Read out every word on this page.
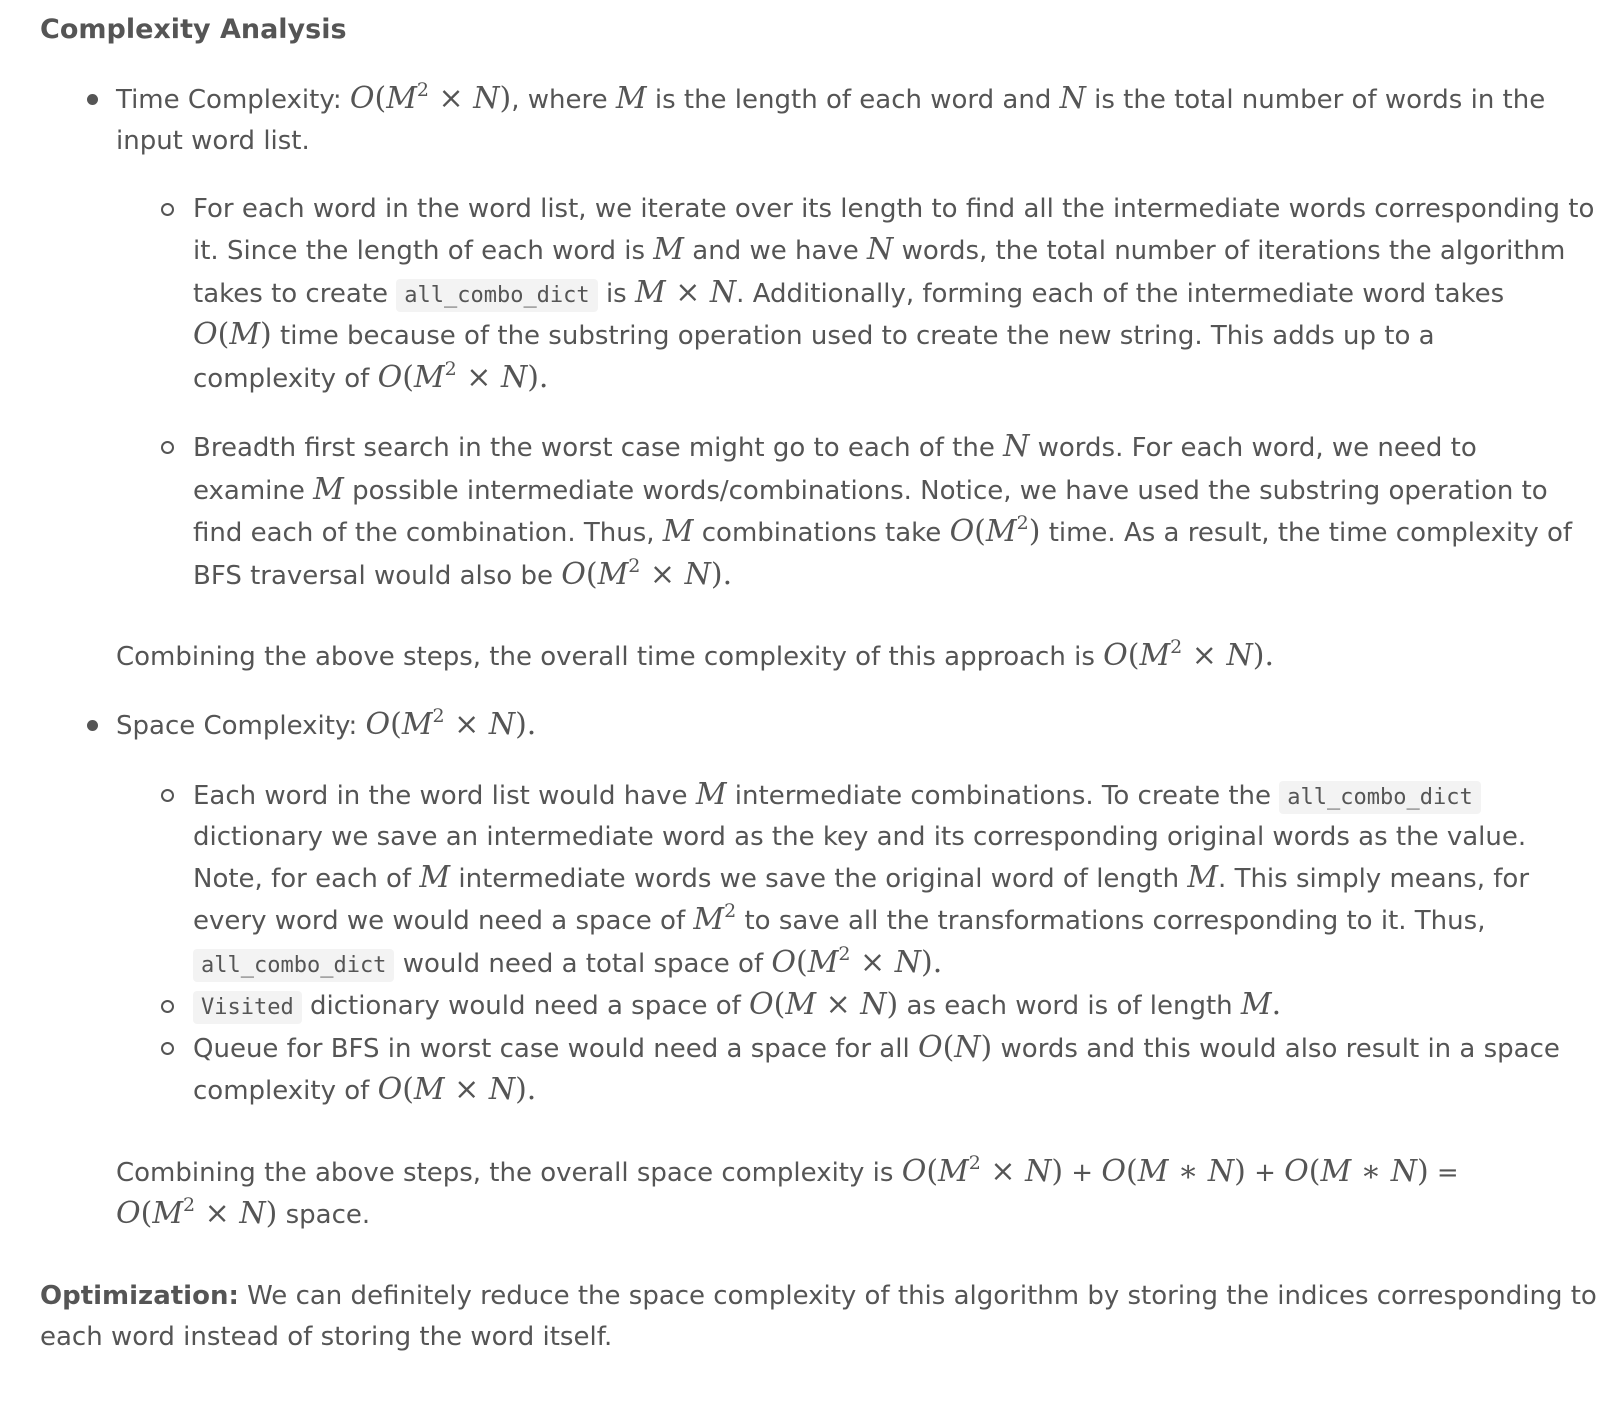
Complexity Analysis
Time Complexity: $O(M^2 \times N)$, where M is the length of each word and N is the total number of words in the
input word list.
For each word in the word list, we iterate over its length to find all the intermediate words corresponding to
it. Since the length of each word is M and we have N words, the total number of iterations the algorithm
takes to create all_combo_dict is M × N. Additionally, forming each of the intermediate word takes
O(M) time because of the substring operation used to create the new string. This adds up to a
complexity of $O(M^2 \times N)$.
Breadth first search in the worst case might go to each of the N words. For each word, we need to
examine M possible intermediate words/combinations. Notice, we have used the substring operation to
find each of the combination. Thus, M combinations take $O(M^2)$ time. As a result, the time complexity of
BFS traversal would also be $O(M^2 \times N)$.
Combining the above steps, the overall time complexity of this approach is $O(M^2 \times N)$.
Space Complexity: $O(M^2 \times N)$.
Each word in the word list would have M intermediate combinations. To create the all_combo_dict
dictionary we save an intermediate word as the key and its corresponding original words as the value.
Note, for each of M intermediate words we save the original word of length M. This simply means, for
every word we would need a space of $M^2$ to save all the transformations corresponding to it. Thus,
all_combo_dict would need a total space of $O(M^2 \times N)$.
Visited dictionary would need a space of O(M × N) as each word is of length M.
Queue for BFS in worst case would need a space for all O(N) words and this would also result in a space
complexity of O(M × N).
Combining the above steps, the overall space complexity is $O(M^2 \times N) + O(M$ ∗ N) + O(M ∗ N) =
$O(M^2 \times N)$ space.
Optimization: We can definitely reduce the space complexity of this algorithm by storing the indices corresponding to
each word instead of storing the word itself.
